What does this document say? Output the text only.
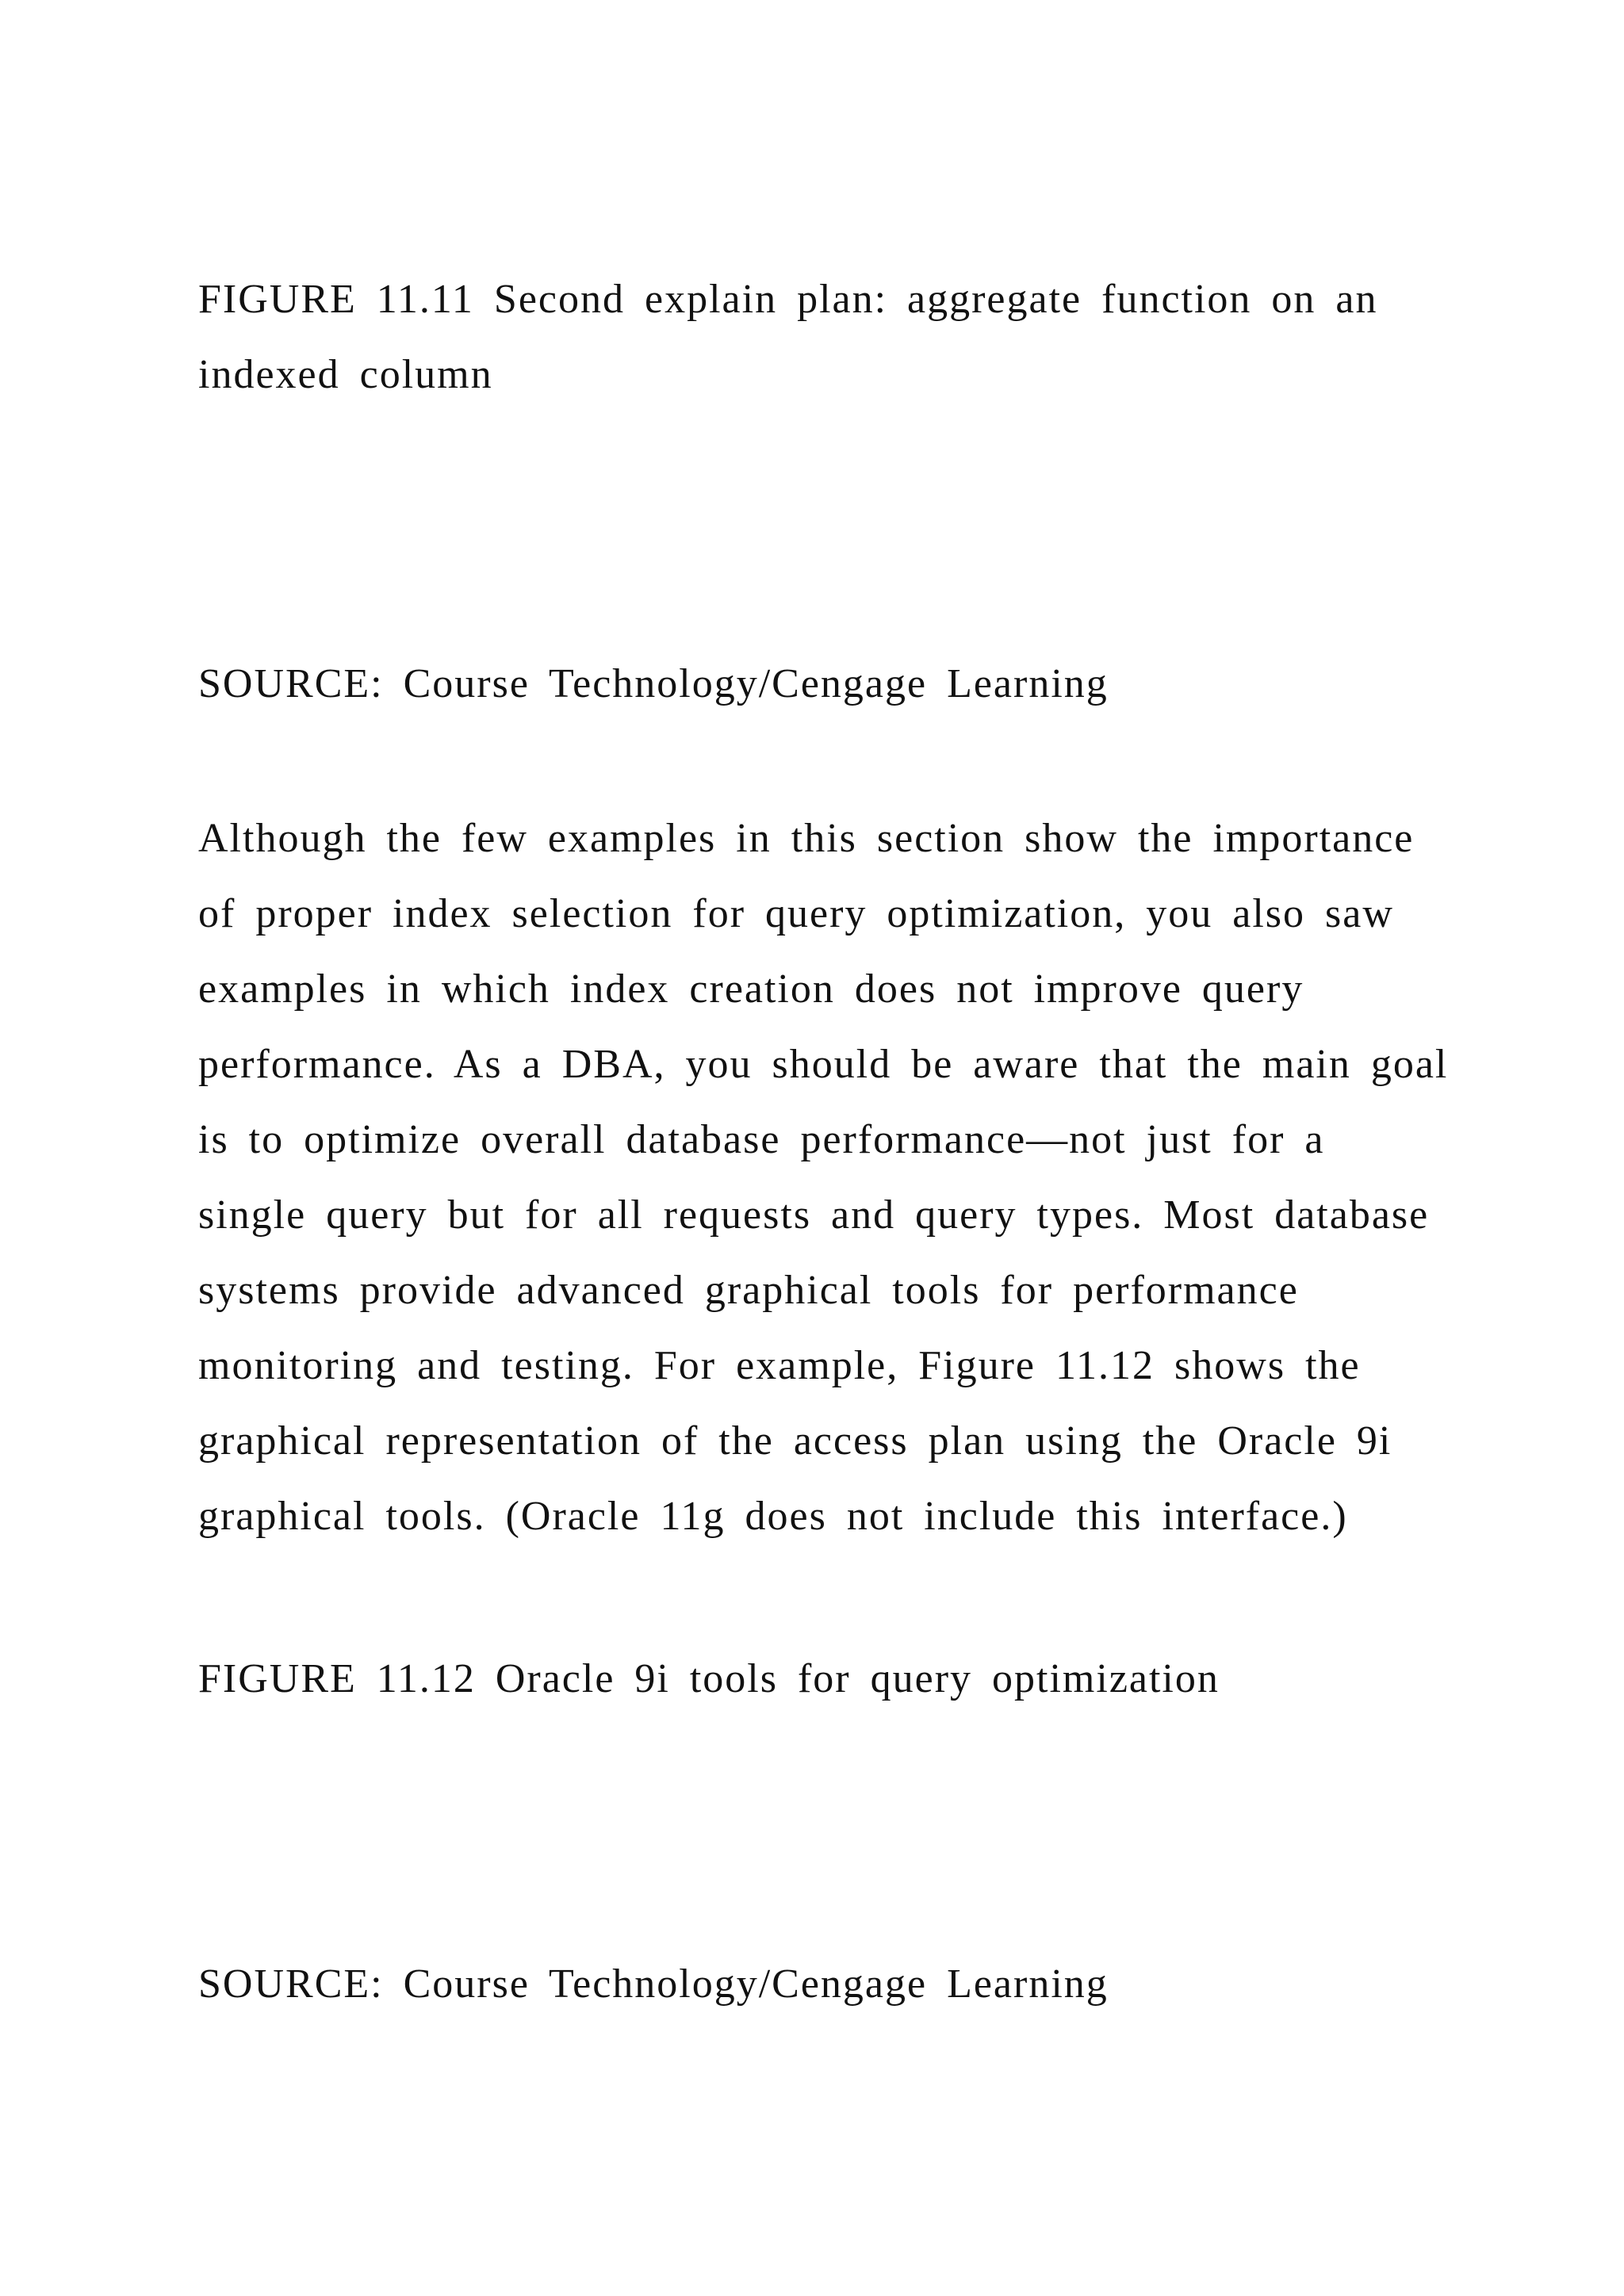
FIGURE 11.11 Second explain plan: aggregate function on an
indexed column

SOURCE: Course Technology/Cengage Learning

Although the few examples in this section show the importance
of proper index selection for query optimization, you also saw
examples in which index creation does not improve query
performance. As a DBA, you should be aware that the main goal
is to optimize overall database performance—not just for a
single query but for all requests and query types. Most database
systems provide advanced graphical tools for performance
monitoring and testing. For example, Figure 11.12 shows the
graphical representation of the access plan using the Oracle 9i
graphical tools. (Oracle 11g does not include this interface.)

FIGURE 11.12 Oracle 9i tools for query optimization

SOURCE: Course Technology/Cengage Learning
